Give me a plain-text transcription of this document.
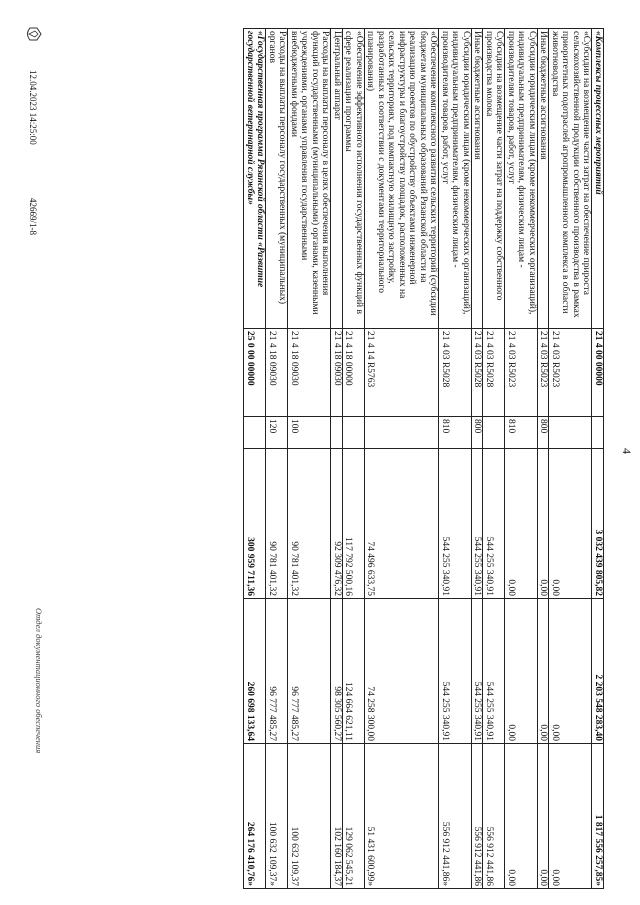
4
«Комплексы процессных мероприятий	21 4 00 00000		3 032 439 805,82	2 203 548 283,40	1 817 556 257,85»
«Субсидии на возмещение части затрат на обеспечение прироста сельскохозяйственной продукции собственного производства в рамках приоритетных подотраслей агропромышленного комплекса в области животноводства	21 4 03 R5023		0,00	0,00	0,00
Иные бюджетные ассигнования	21 4 03 R5023	800	0,00	0,00	0,00
Субсидии юридическим лицам (кроме некоммерческих организаций), индивидуальным предпринимателям, физическим лицам - производителям товаров, работ, услуг	21 4 03 R5023	810	0,00	0,00	0,00
Субсидии на возмещение части затрат на поддержку собственного производства молока	21 4 03 R5028		544 255 340,91	544 255 340,91	556 912 441,86
Иные бюджетные ассигнования	21 4 03 R5028	800	544 255 340,91	544 255 340,91	556 912 441,86
Субсидии юридическим лицам (кроме некоммерческих организаций), индивидуальным предпринимателям, физическим лицам - производителям товаров, работ, услуг	21 4 03 R5028	810	544 255 340,91	544 255 340,91	556 912 441,86»
«Обеспечение комплексного развития сельских территорий (субсидии бюджетам муниципальных образований Рязанской области на реализацию проектов по обустройству объектами инженерной инфраструктуры и благоустройству площадок, расположенных на сельских территориях, под компактную жилищную застройку, разработанных в соответствии с документами территориального планирования)	21 4 14 R5763		74 496 633,75	74 258 300,00	51 431 600,99»
«Обеспечение эффективного исполнения государственных функций в сфере реализации программы	21 4 18 00000		117 792 500,16	124 664 621,11	129 062 545,21
Центральный аппарат	21 4 18 09030		92 309 476,32	98 305 560,27	102 160 184,37
Расходы на выплаты персоналу в целях обеспечения выполнения функций государственными (муниципальными) органами, казенными учреждениями, органами управления государственными внебюджетными фондами	21 4 18 09030	100	90 781 401,32	96 777 485,27	100 632 109,37
Расходы на выплаты персоналу государственных (муниципальных) органов	21 4 18 09030	120	90 781 401,32	96 777 485,27	100 632 109,37»
«Государственная программа Рязанской области «Развитие государственной ветеринарной службы»	25 0 00 00000		300 959 711,36	260 698 133,64	264 176 410,76»
12.04.2023 14:25:00
42669/1-8
Отдел документационного обеспечения
